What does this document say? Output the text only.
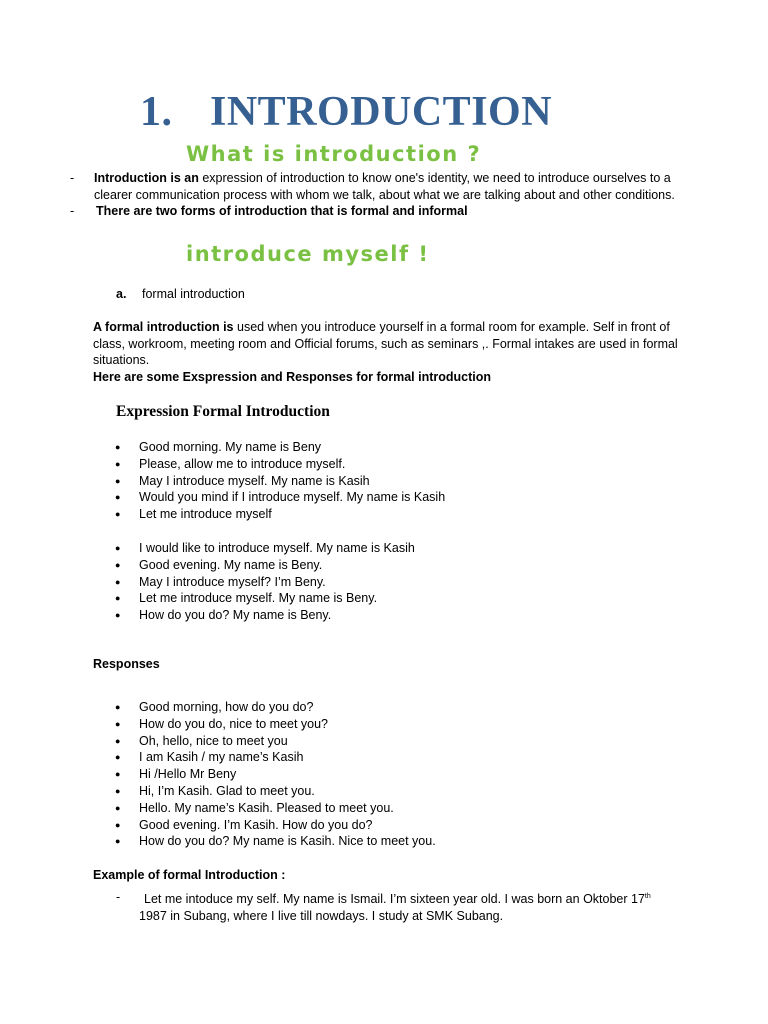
1. INTRODUCTION
What is introduction ?
-	Introduction is an expression of introduction to know one's identity, we need to introduce ourselves to a clearer communication process with whom we talk, about what we are talking about and other conditions.
-	There are two forms of introduction that is formal and informal
introduce myself !
a. formal introduction
A formal introduction is used when you introduce yourself in a formal room for example. Self in front of class, workroom, meeting room and Official forums, such as seminars ,. Formal intakes are used in formal situations.
Here are some Exspression and Responses for formal introduction
Expression Formal Introduction
● Good morning. My name is Beny
● Please, allow me to introduce myself.
● May I introduce myself. My name is Kasih
● Would you mind if I introduce myself. My name is Kasih
● Let me introduce myself
● I would like to introduce myself. My name is Kasih
● Good evening. My name is Beny.
● May I introduce myself? I’m Beny.
● Let me introduce myself. My name is Beny.
● How do you do? My name is Beny.
Responses
● Good morning, how do you do?
● How do you do, nice to meet you?
● Oh, hello, nice to meet you
● I am Kasih / my name’s Kasih
● Hi /Hello Mr Beny
● Hi, I’m Kasih. Glad to meet you.
● Hello. My name’s Kasih. Pleased to meet you.
● Good evening. I’m Kasih. How do you do?
● How do you do? My name is Kasih. Nice to meet you.
Example of formal Introduction :
-	Let me intoduce my self. My name is Ismail. I’m sixteen year old. I was born an Oktober 17th
1987 in Subang, where I live till nowdays. I study at SMK Subang.
